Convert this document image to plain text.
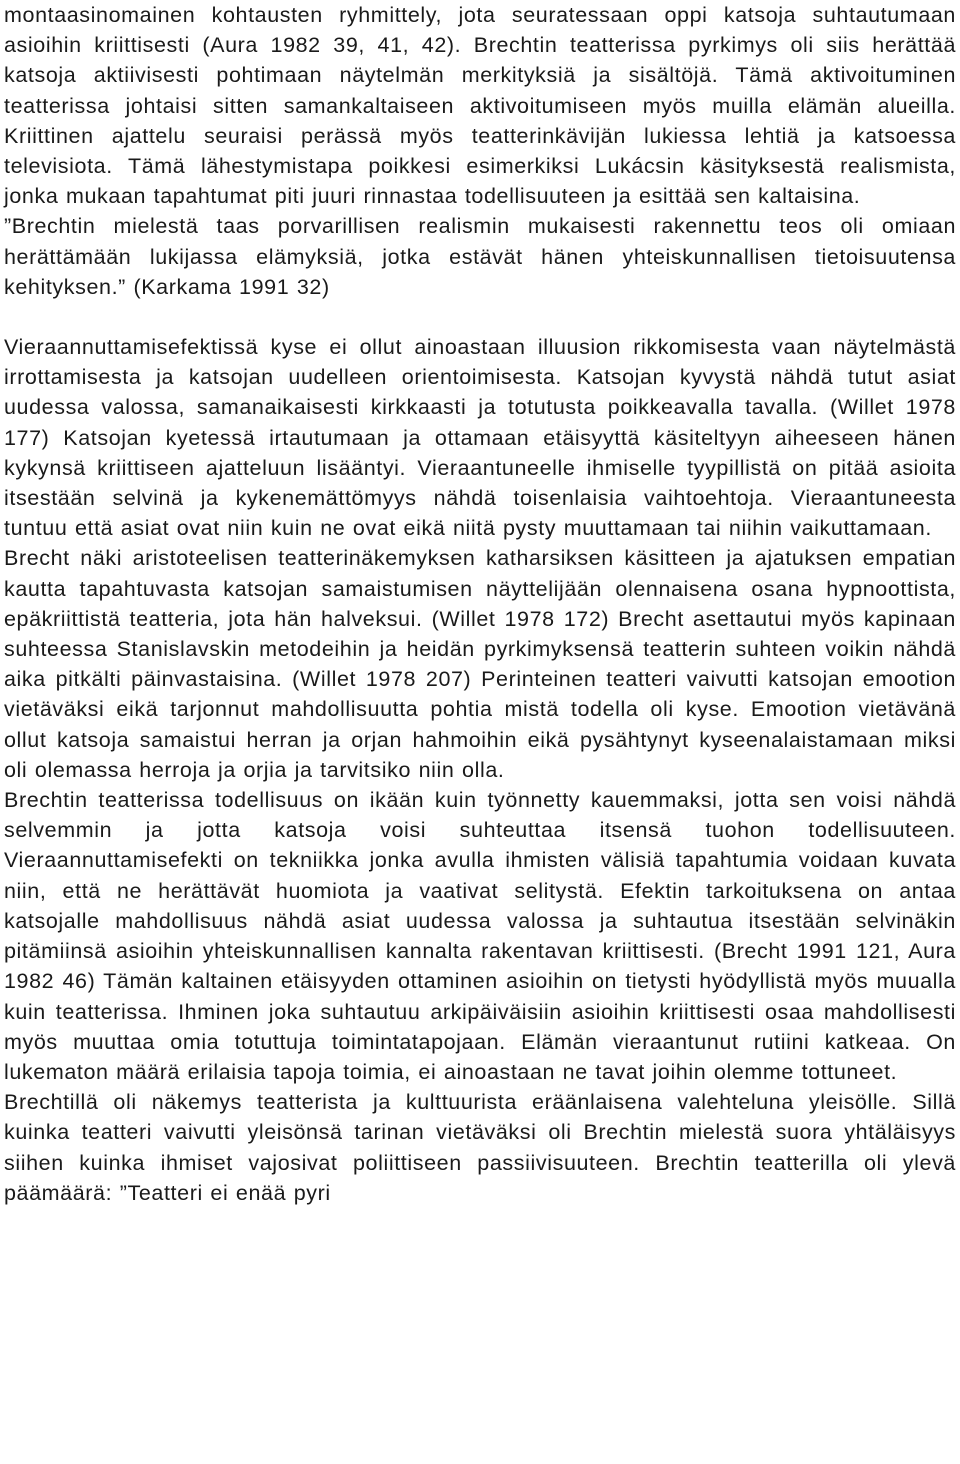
montaasinomainen kohtausten ryhmittely, jota seuratessaan oppi katsoja suhtautumaan asioihin kriittisesti (Aura 1982 39, 41, 42). Brechtin teatterissa pyrkimys oli siis herättää katsoja aktiivisesti pohtimaan näytelmän merkityksiä ja sisältöjä. Tämä aktivoituminen teatterissa johtaisi sitten samankaltaiseen aktivoitumiseen myös muilla elämän alueilla. Kriittinen ajattelu seuraisi perässä myös teatterinkävijän lukiessa lehtiä ja katsoessa televisiota. Tämä lähestymistapa poikkesi esimerkiksi Lukácsin käsityksestä realismista, jonka mukaan tapahtumat piti juuri rinnastaa todellisuuteen ja esittää sen kaltaisina.

”Brechtin mielestä taas porvarillisen realismin mukaisesti rakennettu teos oli omiaan herättämään lukijassa elämyksiä, jotka estävät hänen yhteiskunnallisen tietoisuutensa kehityksen.” (Karkama 1991 32)

Vieraannuttamisefektissä kyse ei ollut ainoastaan illuusion rikkomisesta vaan näytelmästä irrottamisesta ja katsojan uudelleen orientoimisesta. Katsojan kyvystä nähdä tutut asiat uudessa valossa, samanaikaisesti kirkkaasti ja totutusta poikkeavalla tavalla. (Willet 1978 177) Katsojan kyetessä irtautumaan ja ottamaan etäisyyttä käsiteltyyn aiheeseen hänen kykynsä kriittiseen ajatteluun lisääntyi. Vieraantuneelle ihmiselle tyypillistä on pitää asioita itsestään selvinä ja kykenemättömyys nähdä toisenlaisia vaihtoehtoja. Vieraantuneesta tuntuu että asiat ovat niin kuin ne ovat eikä niitä pysty muuttamaan tai niihin vaikuttamaan.

Brecht näki aristoteelisen teatterinäkemyksen katharsiksen käsitteen ja ajatuksen empatian kautta tapahtuvasta katsojan samaistumisen näyttelijään olennaisena osana hypnoottista, epäkriittistä teatteria, jota hän halveksui. (Willet 1978 172) Brecht asettautui myös kapinaan suhteessa Stanislavskin metodeihin ja heidän pyrkimyksensä teatterin suhteen voikin nähdä aika pitkälti päinvastaisina. (Willet 1978 207) Perinteinen teatteri vaivutti katsojan emootion vietäväksi eikä tarjonnut mahdollisuutta pohtia mistä todella oli kyse. Emootion vietävänä ollut katsoja samaistui herran ja orjan hahmoihin eikä pysähtynyt kyseenalaistamaan miksi oli olemassa herroja ja orjia ja tarvitsiko niin olla.

Brechtin teatterissa todellisuus on ikään kuin työnnetty kauemmaksi, jotta sen voisi nähdä selvemmin ja jotta katsoja voisi suhteuttaa itsensä tuohon todellisuuteen. Vieraannuttamisefekti on tekniikka jonka avulla ihmisten välisiä tapahtumia voidaan kuvata niin, että ne herättävät huomiota ja vaativat selitystä. Efektin tarkoituksena on antaa katsojalle mahdollisuus nähdä asiat uudessa valossa ja suhtautua itsestään selvinäkin pitämiinsä asioihin yhteiskunnallisen kannalta rakentavan kriittisesti. (Brecht 1991 121, Aura 1982 46) Tämän kaltainen etäisyyden ottaminen asioihin on tietysti hyödyllistä myös muualla kuin teatterissa. Ihminen joka suhtautuu arkipäiväisiin asioihin kriittisesti osaa mahdollisesti myös muuttaa omia totuttuja toimintatapojaan. Elämän vieraantunut rutiini katkeaa. On lukematon määrä erilaisia tapoja toimia, ei ainoastaan ne tavat joihin olemme tottuneet.

Brechtillä oli näkemys teatterista ja kulttuurista eräänlaisena valehteluna yleisölle. Sillä kuinka teatteri vaivutti yleisönsä tarinan vietäväksi oli Brechtin mielestä suora yhtäläisyys siihen kuinka ihmiset vajosivat poliittiseen passiivisuuteen. Brechtin teatterilla oli ylevä päämäärä: ”Teatteri ei enää pyri
